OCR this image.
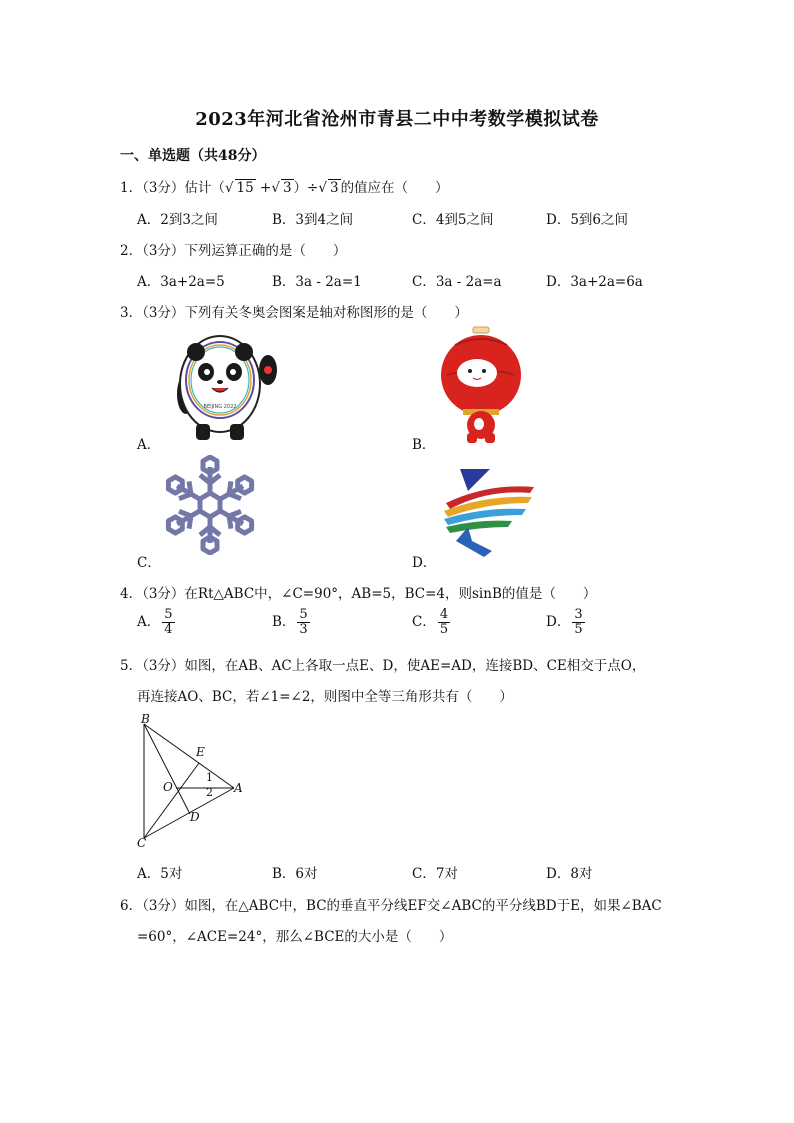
2023年河北省沧州市青县二中中考数学模拟试卷
一、单选题（共48分）
1．（3分）估计（√ 15 +√ 3 ）÷√ 3 的值应在（　　）
A．2到3之间	B．3到4之间	C．4到5之间	D．5到6之间
2．（3分）下列运算正确的是（　　）
A．3a+2a=5	B．3a - 2a=1	C．3a - 2a=a	D．3a+2a=6a
3．（3分）下列有关冬奥会图案是轴对称图形的是（　　）
BEIJING 2022
A．	B．
C．	D．
4．（3分）在Rt△ABC中，∠C=90°，AB=5，BC=4，则sinB的值是（　　）
A． $\frac{5}{4}$	B． $\frac{5}{3}$	C． $\frac{4}{5}$	D． $\frac{3}{5}$
5．（3分）如图，在AB、AC上各取一点E、D，使AE=AD，连接BD、CE相交于点O，
再连接AO、BC，若∠1=∠2，则图中全等三角形共有（　　）
B
E
O	A
D
C
1
2
A．5对	B．6对	C．7对	D．8对
6．（3分）如图，在△ABC中，BC的垂直平分线EF交∠ABC的平分线BD于E，如果∠BAC
=60°，∠ACE=24°，那么∠BCE的大小是（　　）
